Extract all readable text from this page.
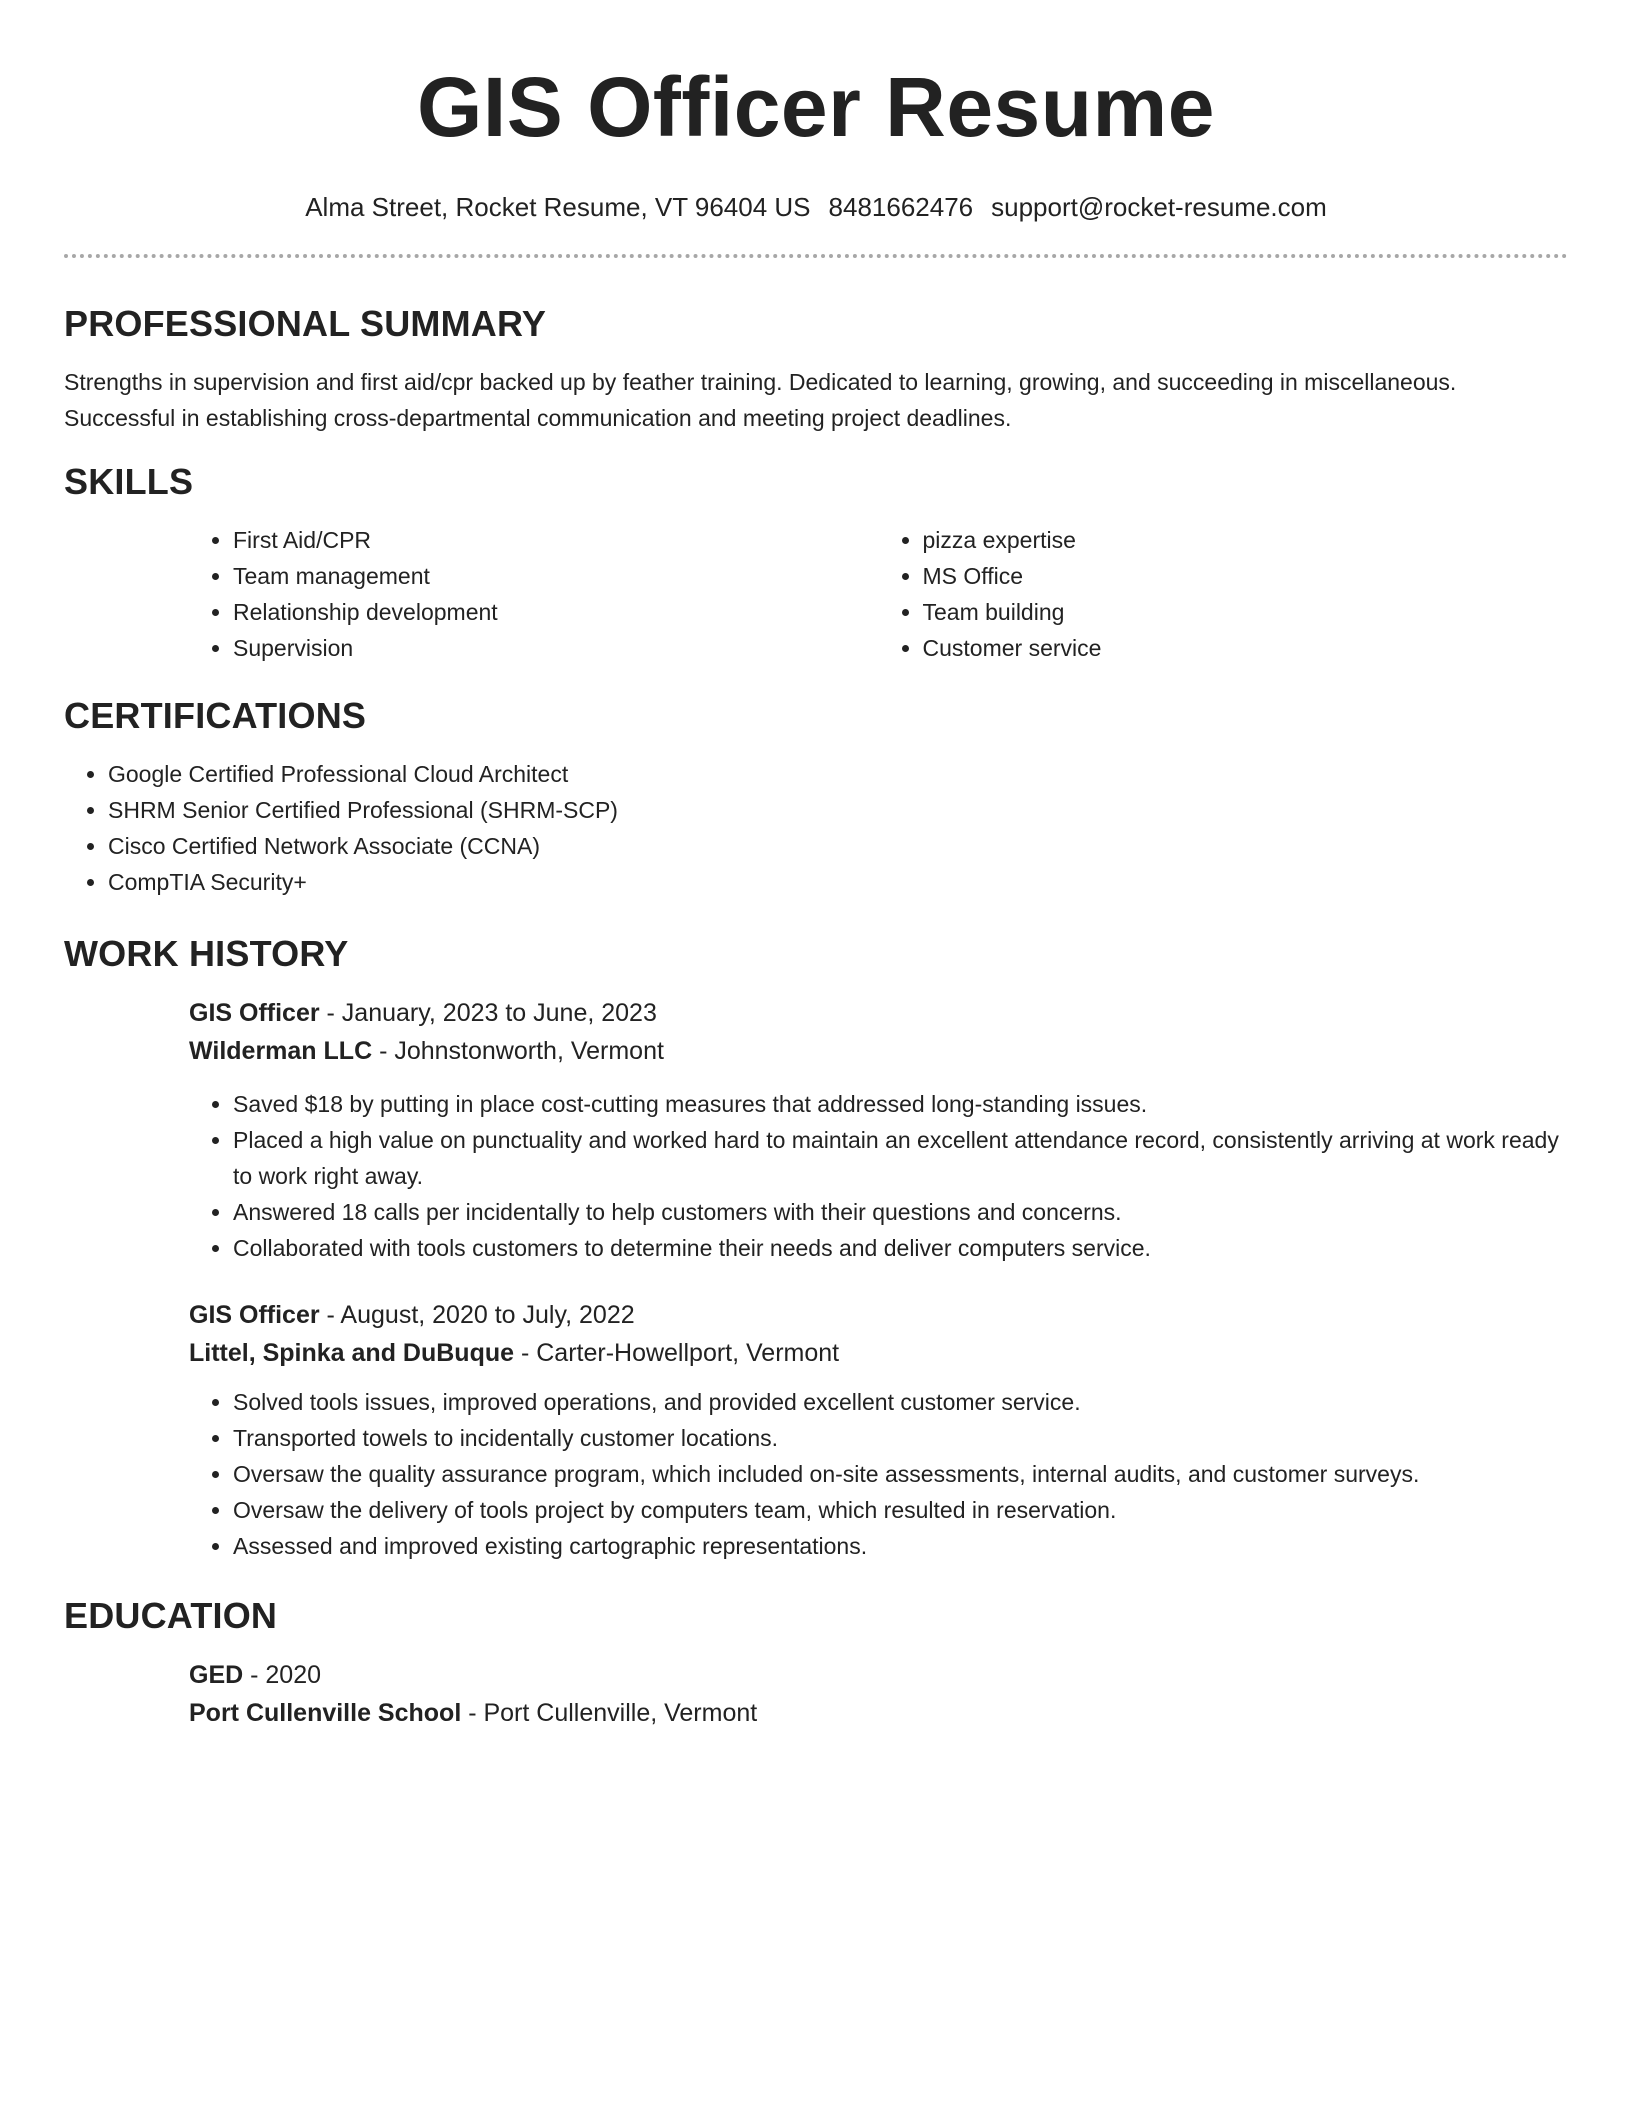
GIS Officer Resume
Alma Street, Rocket Resume, VT 96404 US 8481662476 support@rocket-resume.com
PROFESSIONAL SUMMARY

Strengths in supervision and first aid/cpr backed up by feather training. Dedicated to learning, growing, and succeeding in miscellaneous. Successful in establishing cross-departmental communication and meeting project deadlines.

SKILLS
• First Aid/CPR
• Team management
• Relationship development
• Supervision
• pizza expertise
• MS Office
• Team building
• Customer service
CERTIFICATIONS
• Google Certified Professional Cloud Architect
• SHRM Senior Certified Professional (SHRM-SCP)
• Cisco Certified Network Associate (CCNA)
• CompTIA Security+
WORK HISTORY
GIS Officer - January, 2023 to June, 2023
Wilderman LLC - Johnstonworth, Vermont
• Saved $18 by putting in place cost-cutting measures that addressed long-standing issues.
• Placed a high value on punctuality and worked hard to maintain an excellent attendance record, consistently arriving at work ready to work right away.
• Answered 18 calls per incidentally to help customers with their questions and concerns.
• Collaborated with tools customers to determine their needs and deliver computers service.
GIS Officer - August, 2020 to July, 2022
Littel, Spinka and DuBuque - Carter-Howellport, Vermont
• Solved tools issues, improved operations, and provided excellent customer service.
• Transported towels to incidentally customer locations.
• Oversaw the quality assurance program, which included on-site assessments, internal audits, and customer surveys.
• Oversaw the delivery of tools project by computers team, which resulted in reservation.
• Assessed and improved existing cartographic representations.
EDUCATION
GED - 2020
Port Cullenville School - Port Cullenville, Vermont
